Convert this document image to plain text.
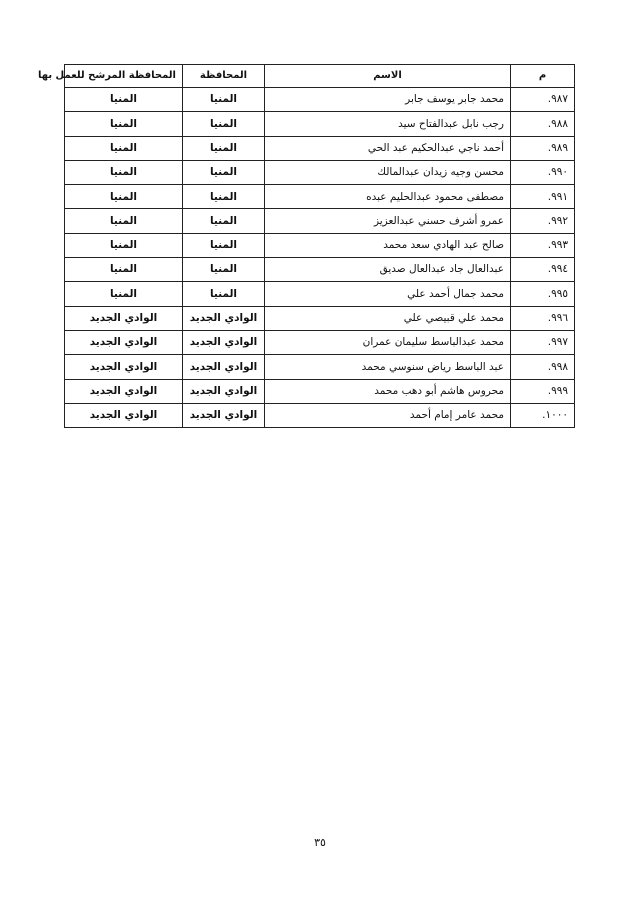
م	الاسم	المحافظة	المحافظة المرشح للعمل بها
٩٨٧.	محمد جابر يوسف جابر	المنيا	المنيا
٩٨٨.	رجب نابل عبدالفتاح سيد	المنيا	المنيا
٩٨٩.	أحمد ناجي عبدالحكيم عبد الحي	المنيا	المنيا
٩٩٠.	محسن وجيه زيدان عبدالمالك	المنيا	المنيا
٩٩١.	مصطفى محمود عبدالحليم عبده	المنيا	المنيا
٩٩٢.	عمرو أشرف حسني عبدالعزيز	المنيا	المنيا
٩٩٣.	صالح عبد الهادي سعد محمد	المنيا	المنيا
٩٩٤.	عبدالعال جاد عبدالعال صديق	المنيا	المنيا
٩٩٥.	محمد جمال أحمد علي	المنيا	المنيا
٩٩٦.	محمد علي قبيصي علي	الوادي الجديد	الوادي الجديد
٩٩٧.	محمد عبدالباسط سليمان عمران	الوادي الجديد	الوادي الجديد
٩٩٨.	عبد الباسط رياض سنوسي محمد	الوادي الجديد	الوادي الجديد
٩٩٩.	محروس هاشم أبو دهب محمد	الوادي الجديد	الوادي الجديد
١٠٠٠.	محمد عامر إمام أحمد	الوادي الجديد	الوادي الجديد
٣٥
